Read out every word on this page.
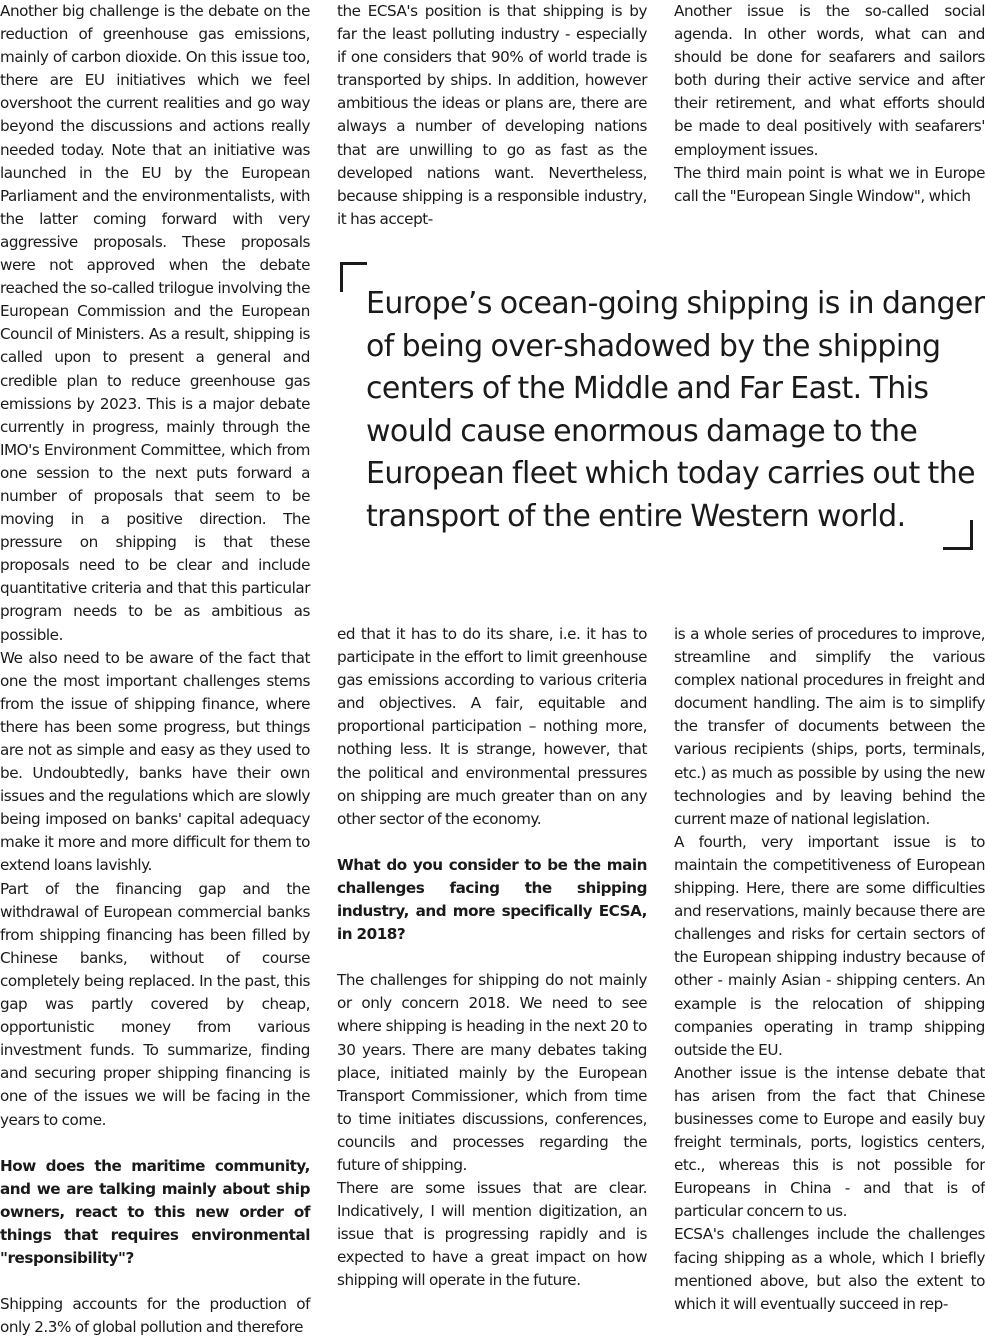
Another big challenge is the debate on the reduction of greenhouse gas emissions, mainly of carbon dioxide. On this issue too, there are EU initiatives which we feel overshoot the current realities and go way beyond the discussions and actions really needed today. Note that an initiative was launched in the EU by the European Parliament and the environmentalists, with the latter coming forward with very aggressive proposals. These proposals were not approved when the debate reached the so-called trilogue involving the European Commission and the European Council of Ministers. As a result, shipping is called upon to present a general and credible plan to reduce greenhouse gas emissions by 2023. This is a major debate currently in progress, mainly through the IMO's Environment Committee, which from one session to the next puts forward a number of proposals that seem to be moving in a positive direction. The pressure on shipping is that these proposals need to be clear and include quantitative criteria and that this particular program needs to be as ambitious as possible.

We also need to be aware of the fact that one the most important challenges stems from the issue of shipping finance, where there has been some progress, but things are not as simple and easy as they used to be. Undoubtedly, banks have their own issues and the regulations which are slowly being imposed on banks' capital adequacy make it more and more difficult for them to extend loans lavishly.

Part of the financing gap and the withdrawal of European commercial banks from shipping financing has been filled by Chinese banks, without of course completely being replaced. In the past, this gap was partly covered by cheap, opportunistic money from various investment funds. To summarize, finding and securing proper shipping financing is one of the issues we will be facing in the years to come.

How does the maritime community, and we are talking mainly about ship owners, react to this new order of things that requires environmental "responsibility"?

Shipping accounts for the production of only 2.3% of global pollution and therefore

the ECSA's position is that shipping is by far the least polluting industry - especially if one considers that 90% of world trade is transported by ships. In addition, however ambitious the ideas or plans are, there are always a number of developing nations that are unwilling to go as fast as the developed nations want. Nevertheless, because shipping is a responsible industry, it has accept-

Another issue is the so-called social agenda. In other words, what can and should be done for seafarers and sailors both during their active service and after their retirement, and what efforts should be made to deal positively with seafarers' employment issues.

The third main point is what we in Europe call the "European Single Window", which

Europe’s ocean-going shipping is in danger of being over-shadowed by the shipping centers of the Middle and Far East. This would cause enormous damage to the European fleet which today carries out the transport of the entire Western world.

ed that it has to do its share, i.e. it has to participate in the effort to limit greenhouse gas emissions according to various criteria and objectives. A fair, equitable and proportional participation – nothing more, nothing less. It is strange, however, that the political and environmental pressures on shipping are much greater than on any other sector of the economy.

What do you consider to be the main challenges facing the shipping industry, and more specifically ECSA, in 2018?

The challenges for shipping do not mainly or only concern 2018. We need to see where shipping is heading in the next 20 to 30 years. There are many debates taking place, initiated mainly by the European Transport Commissioner, which from time to time initiates discussions, conferences, councils and processes regarding the future of shipping.

There are some issues that are clear. Indicatively, I will mention digitization, an issue that is progressing rapidly and is expected to have a great impact on how shipping will operate in the future.

is a whole series of procedures to improve, streamline and simplify the various complex national procedures in freight and document handling. The aim is to simplify the transfer of documents between the various recipients (ships, ports, terminals, etc.) as much as possible by using the new technologies and by leaving behind the current maze of national legislation.

A fourth, very important issue is to maintain the competitiveness of European shipping. Here, there are some difficulties and reservations, mainly because there are challenges and risks for certain sectors of the European shipping industry because of other - mainly Asian - shipping centers. An example is the relocation of shipping companies operating in tramp shipping outside the EU.

Another issue is the intense debate that has arisen from the fact that Chinese businesses come to Europe and easily buy freight terminals, ports, logistics centers, etc., whereas this is not possible for Europeans in China - and that is of particular concern to us.

ECSA's challenges include the challenges facing shipping as a whole, which I briefly mentioned above, but also the extent to which it will eventually succeed in rep-
